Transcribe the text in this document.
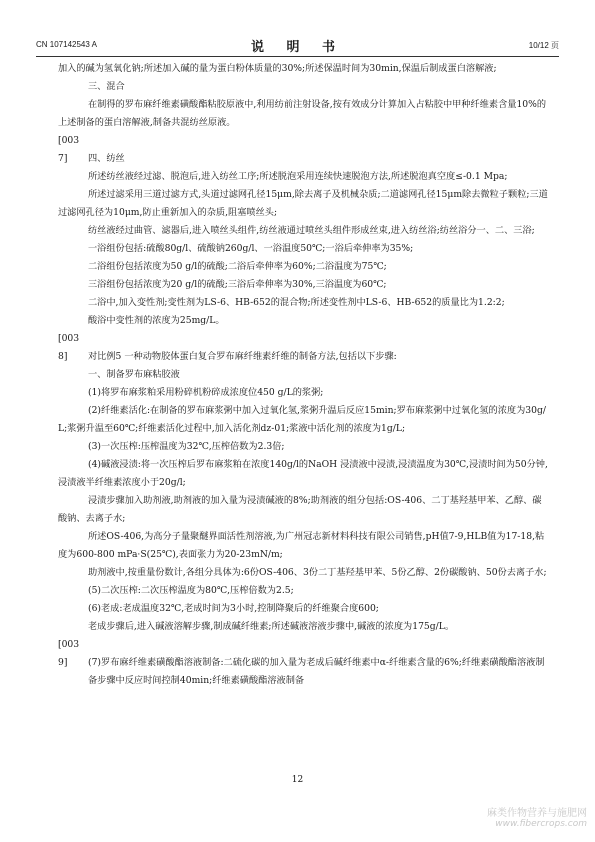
CN 107142543 A	说 明 书	10/12 页

加入的碱为氢氧化钠;所述加入碱的量为蛋白粉体质量的30%;所述保温时间为30min,保温后制成蛋白溶解液;

三、混合

在制得的罗布麻纤维素磺酸酯粘胶原液中,利用纺前注射设备,按有效成分计算加入占粘胶中甲种纤维素含量10%的上述制备的蛋白溶解液,制备共混纺丝原液。

[0037] 四、纺丝

所述纺丝液经过滤、脱泡后,进入纺丝工序;所述脱泡采用连续快速脱泡方法,所述脱泡真空度≤-0.1 Mpa;

所述过滤采用三道过滤方式,头道过滤网孔径15μm,除去离子及机械杂质;二道滤网孔径15μm除去微粒子颗粒;三道过滤网孔径为10μm,防止重新加入的杂质,阻塞喷丝头;

纺丝液经过曲管、滤器后,进入喷丝头组件,纺丝液通过喷丝头组件形成丝束,进入纺丝浴;纺丝浴分一、二、三浴;

一浴组份包括:硫酸80g/l、硫酸钠260g/l、一浴温度50℃;一浴后牵伸率为35%;

二浴组份包括浓度为50 g/l的硫酸;二浴后牵伸率为60%;二浴温度为75℃;

三浴组份包括浓度为20 g/l的硫酸;三浴后牵伸率为30%,三浴温度为60℃;

二浴中,加入变性剂;变性剂为LS-6、HB-652的混合物;所述变性剂中LS-6、HB-652的质量比为1.2:2;

酸浴中变性剂的浓度为25mg/L。

[0038] 对比例5 一种动物胶体蛋白复合罗布麻纤维素纤维的制备方法,包括以下步骤:

一、制备罗布麻粘胶液

(1)将罗布麻浆粕采用粉碎机粉碎成浓度位450 g/L的浆粥;

(2)纤维素活化:在制备的罗布麻浆粥中加入过氧化氢,浆粥升温后反应15min;罗布麻浆粥中过氧化氢的浓度为30g/L;浆粥升温至60℃;纤维素活化过程中,加入活化剂dz-01;浆液中活化剂的浓度为1g/L;

(3)一次压榨:压榨温度为32℃,压榨倍数为2.3倍;

(4)碱液浸渍:将一次压榨后罗布麻浆粕在浓度140g/l的NaOH 浸渍液中浸渍,浸渍温度为30℃,浸渍时间为50分钟,浸渍液半纤维素浓度小于20g/l;

浸渍步骤加入助剂液,助剂液的加入量为浸渍碱液的8%;助剂液的组分包括:OS-406、二丁基羟基甲苯、乙醇、碳酸钠、去离子水;

所述OS-406,为高分子量聚醚界面活性剂溶液,为广州冠志新材料科技有限公司销售,pH值7-9,HLB值为17-18,粘度为600-800 mPa·S(25℃),表面张力为20-23mN/m;

助剂液中,按重量份数计,各组分具体为:6份OS-406、3份二丁基羟基甲苯、5份乙醇、2份碳酸钠、50份去离子水;

(5)二次压榨:二次压榨温度为80℃,压榨倍数为2.5;

(6)老成:老成温度32℃,老成时间为3小时,控制降聚后的纤维聚合度600;

老成步骤后,进入碱液溶解步骤,制成碱纤维素;所述碱液溶液步骤中,碱液的浓度为175g/L。

[0039] (7)罗布麻纤维素磺酸酯溶液制备:二硫化碳的加入量为老成后碱纤维素中α-纤维素含量的6%;纤维素磺酸酯溶液制备步骤中反应时间控制40min;纤维素磺酸酯溶液制备

12
麻类作物营养与施肥网
www.fibercrops.com
